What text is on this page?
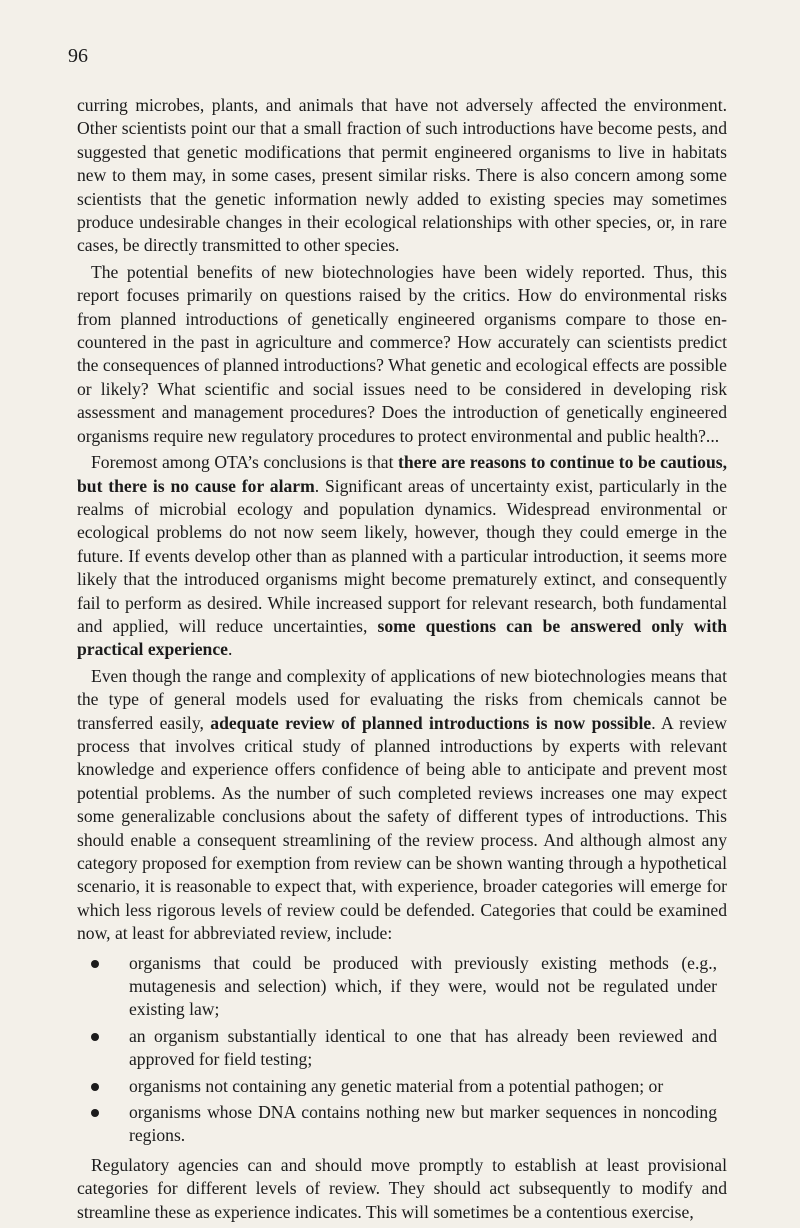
96

curring microbes, plants, and animals that have not adversely affected the environment. Other scientists point our that a small fraction of such introductions have become pests, and suggested that genetic modifications that permit engineered organisms to live in habitats new to them may, in some cases, present similar risks. There is also concern among some scientists that the genetic information newly added to existing species may sometimes produce undesirable changes in their ecological relationships with other species, or, in rare cases, be directly transmitted to other species.

The potential benefits of new biotechnologies have been widely reported. Thus, this report focuses primarily on questions raised by the critics. How do environmental risks from planned introductions of genetically engineered organisms compare to those encountered in the past in agriculture and commerce? How accurately can scientists predict the consequences of planned introductions? What genetic and ecological effects are possible or likely? What scientific and social issues need to be considered in developing risk assessment and management procedures? Does the introduction of genetically engineered organisms require new regulatory procedures to protect environmental and public health?...

Foremost among OTA’s conclusions is that there are reasons to continue to be cautious, but there is no cause for alarm. Significant areas of uncertainty exist, particularly in the realms of microbial ecology and population dynamics. Widespread environmental or ecological problems do not now seem likely, however, though they could emerge in the future. If events develop other than as planned with a particular introduction, it seems more likely that the introduced organisms might become prematurely extinct, and consequently fail to perform as desired. While increased support for relevant research, both fundamental and applied, will reduce uncertainties, some questions can be answered only with practical experience.

Even though the range and complexity of applications of new biotechnologies means that the type of general models used for evaluating the risks from chemicals cannot be transferred easily, adequate review of planned introductions is now possible. A review process that involves critical study of planned introductions by experts with relevant knowledge and experience offers confidence of being able to anticipate and prevent most potential problems. As the number of such completed reviews increases one may expect some generalizable conclusions about the safety of different types of introductions. This should enable a consequent streamlining of the review process. And although almost any category proposed for exemption from review can be shown wanting through a hypothetical scenario, it is reasonable to expect that, with experience, broader categories will emerge for which less rigorous levels of review could be defended. Categories that could be examined now, at least for abbreviated review, include:

organisms that could be produced with previously existing methods (e.g., mutagenesis and selection) which, if they were, would not be regulated under existing law;
an organism substantially identical to one that has already been reviewed and approved for field testing;
organisms not containing any genetic material from a potential pathogen; or
organisms whose DNA contains nothing new but marker sequences in noncoding regions.

Regulatory agencies can and should move promptly to establish at least provisional categories for different levels of review. They should act subsequently to modify and streamline these as experience indicates. This will sometimes be a contentious exercise,
